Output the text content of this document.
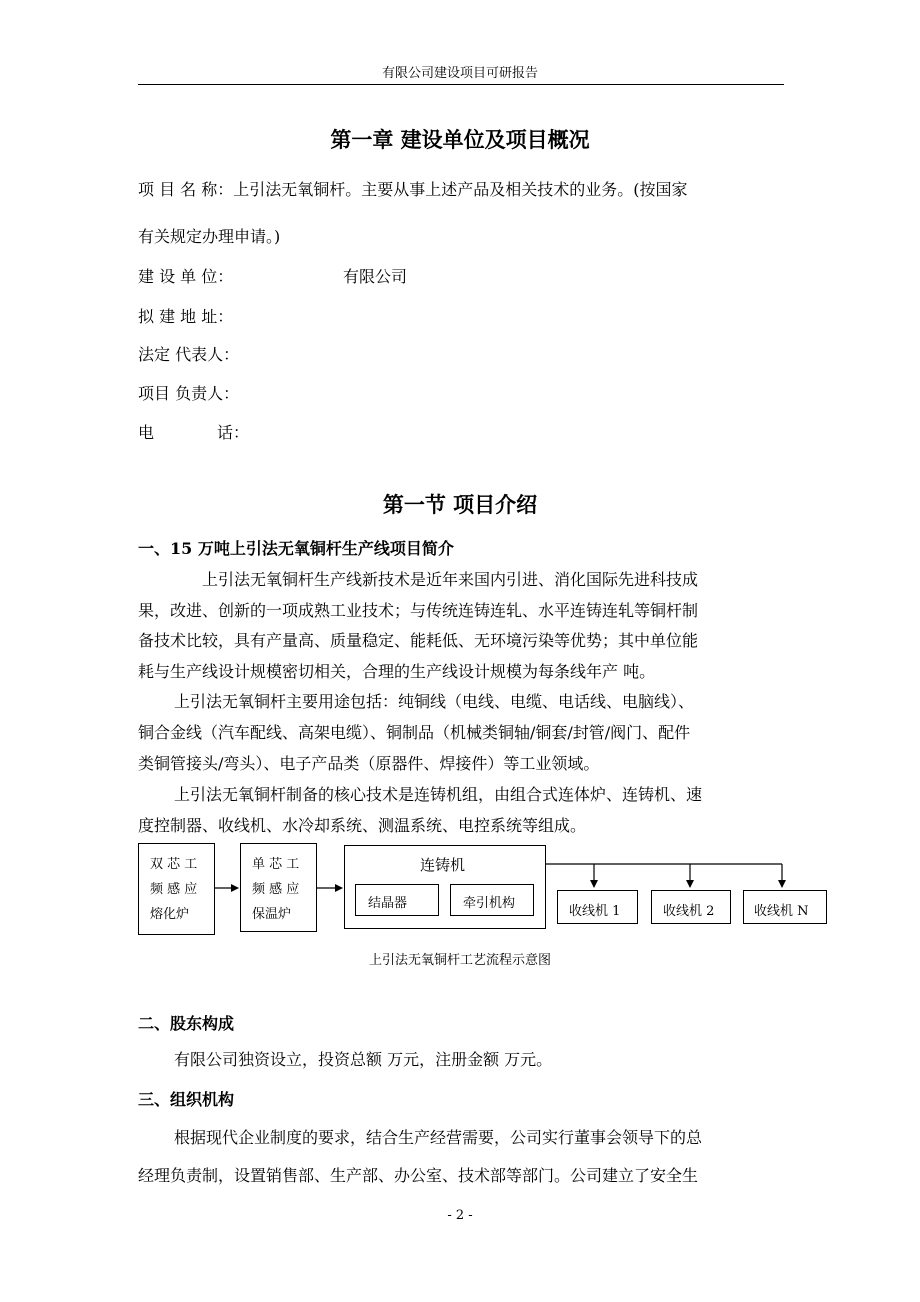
有限公司建设项目可研报告
第一章 建设单位及项目概况
项 目 名 称：上引法无氧铜杆。主要从事上述产品及相关技术的业务。(按国家
有关规定办理申请。)
建 设 单 位：	有限公司
拟 建 地 址：
法定 代表人：
项目 负责人：
电	话：
第一节 项目介绍
一、15 万吨上引法无氧铜杆生产线项目简介
上引法无氧铜杆生产线新技术是近年来国内引进、消化国际先进科技成
果，改进、创新的一项成熟工业技术；与传统连铸连轧、水平连铸连轧等铜杆制
备技术比较，具有产量高、质量稳定、能耗低、无环境污染等优势；其中单位能
耗与生产线设计规模密切相关，合理的生产线设计规模为每条线年产 吨。
上引法无氧铜杆主要用途包括：纯铜线（电线、电缆、电话线、电脑线）、
铜合金线（汽车配线、高架电缆）、铜制品（机械类铜轴/铜套/封管/阀门、配件
类铜管接头/弯头）、电子产品类（原器件、焊接件）等工业领域。
上引法无氧铜杆制备的核心技术是连铸机组，由组合式连体炉、连铸机、速
度控制器、收线机、水冷却系统、测温系统、电控系统等组成。
双 芯 工
频 感 应
熔化炉
单 芯 工
频 感 应
保温炉
连铸机
结晶器	牵引机构
收线机 1	收线机 2	收线机 N
上引法无氧铜杆工艺流程示意图
二、股东构成
有限公司独资设立，投资总额 万元，注册金额 万元。
三、组织机构
根据现代企业制度的要求，结合生产经营需要，公司实行董事会领导下的总
经理负责制，设置销售部、生产部、办公室、技术部等部门。公司建立了安全生
- 2 -
